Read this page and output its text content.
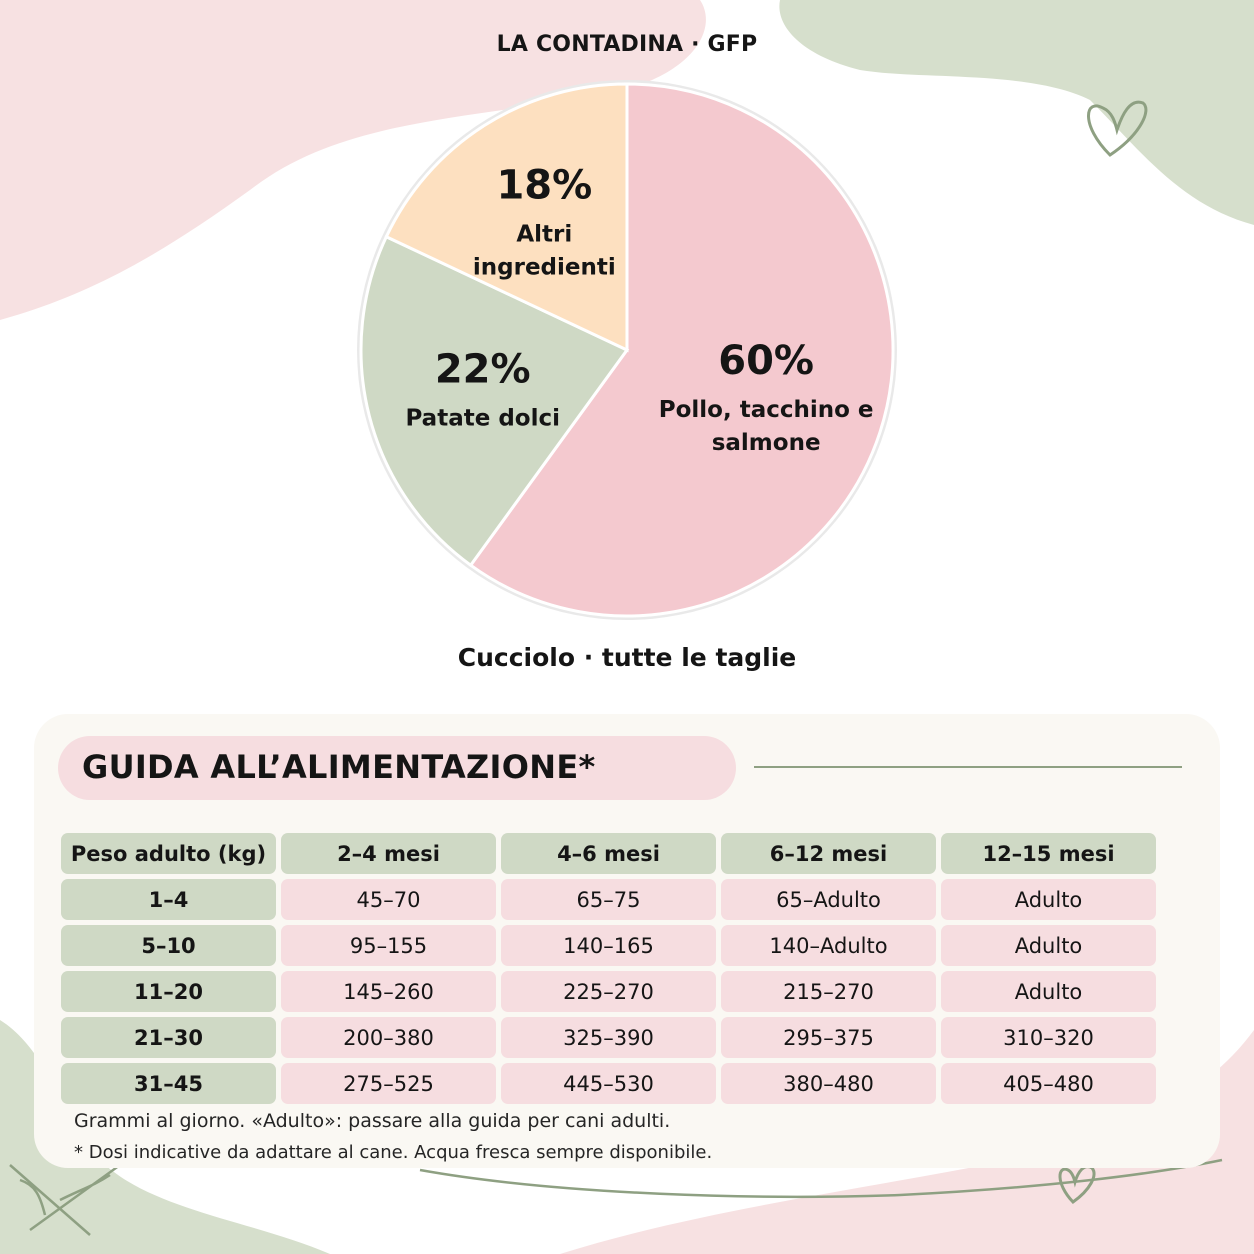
LA CONTADINA · GFP
60%
Pollo, tacchino e
salmone
22%
Patate dolci
18%
Altri
ingredienti
Cucciolo · tutte le taglie
GUIDA ALL’ALIMENTAZIONE*
Peso adulto (kg)	2–4 mesi	4–6 mesi	6–12 mesi	12–15 mesi
1–4	45–70	65–75	65–Adulto	Adulto
5–10	95–155	140–165	140–Adulto	Adulto
11–20	145–260	225–270	215–270	Adulto
21–30	200–380	325–390	295–375	310–320
31–45	275–525	445–530	380–480	405–480
Grammi al giorno. «Adulto»: passare alla guida per cani adulti.
* Dosi indicative da adattare al cane. Acqua fresca sempre disponibile.
